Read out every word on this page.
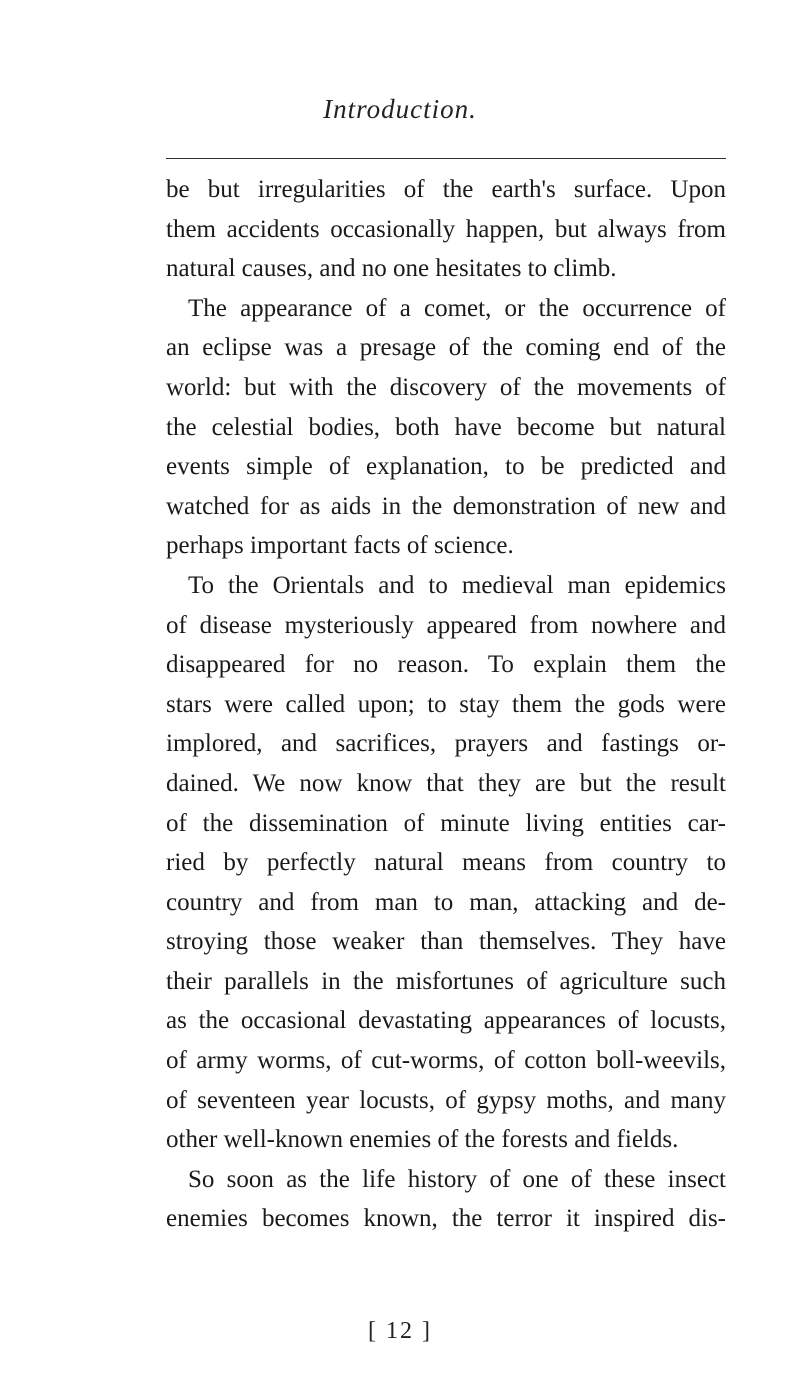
Introduction.
be but irregularities of the earth's surface. Upon
them accidents occasionally happen, but always from
natural causes, and no one hesitates to climb.
The appearance of a comet, or the occurrence of
an eclipse was a presage of the coming end of the
world: but with the discovery of the movements of
the celestial bodies, both have become but natural
events simple of explanation, to be predicted and
watched for as aids in the demonstration of new and
perhaps important facts of science.
To the Orientals and to medieval man epidemics
of disease mysteriously appeared from nowhere and
disappeared for no reason. To explain them the
stars were called upon; to stay them the gods were
implored, and sacrifices, prayers and fastings or-
dained. We now know that they are but the result
of the dissemination of minute living entities car-
ried by perfectly natural means from country to
country and from man to man, attacking and de-
stroying those weaker than themselves. They have
their parallels in the misfortunes of agriculture such
as the occasional devastating appearances of locusts,
of army worms, of cut-worms, of cotton boll-weevils,
of seventeen year locusts, of gypsy moths, and many
other well-known enemies of the forests and fields.
So soon as the life history of one of these insect
enemies becomes known, the terror it inspired dis-
[ 12 ]
